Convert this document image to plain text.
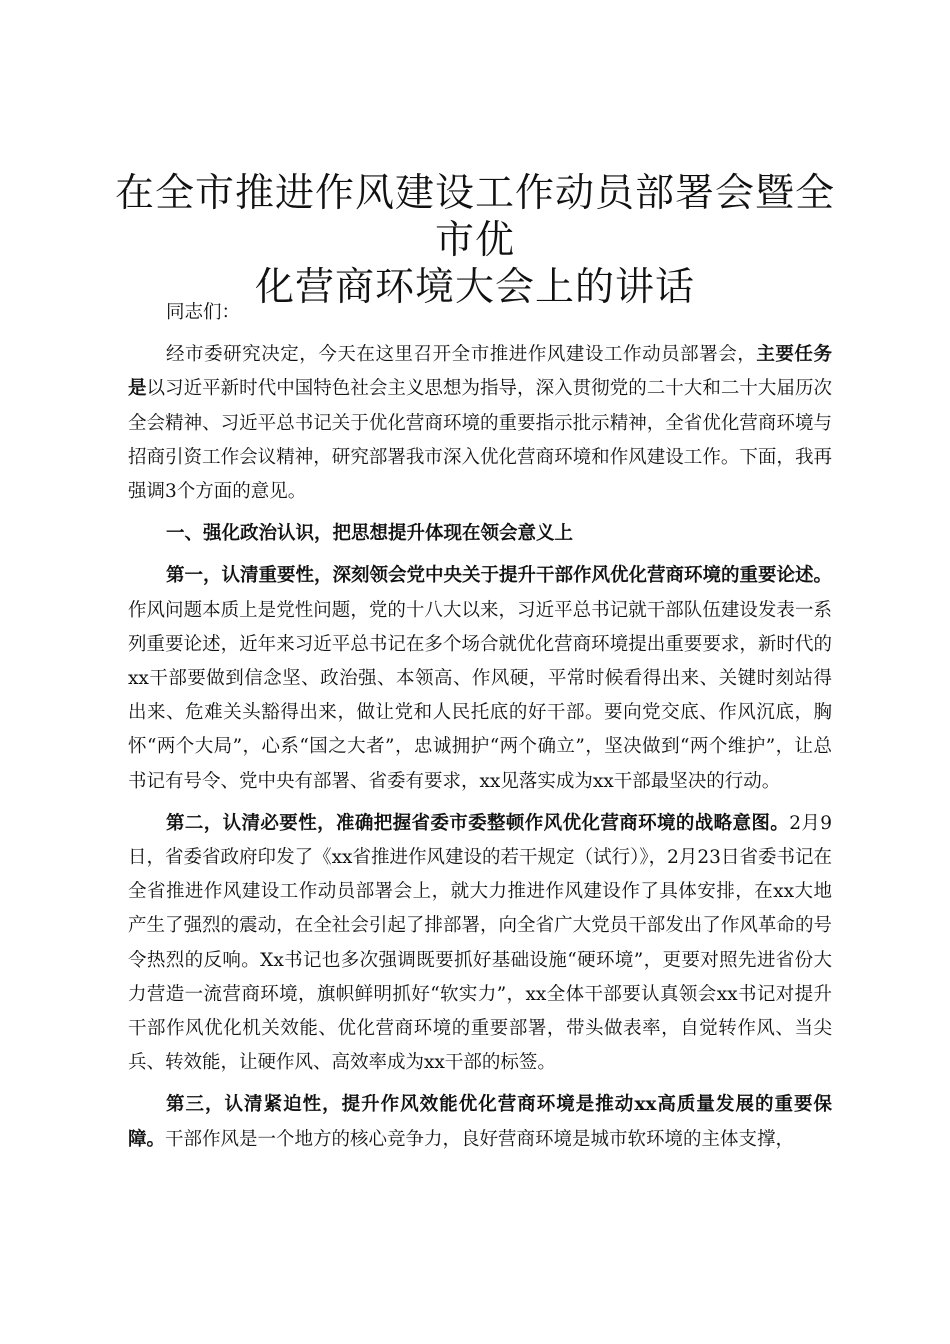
在全市推进作风建设工作动员部署会暨全市优
化营商环境大会上的讲话

同志们：

经市委研究决定，今天在这里召开全市推进作风建设工作动员部署会，主要任务是以习近平新时代中国特色社会主义思想为指导，深入贯彻党的二十大和二十大届历次全会精神、习近平总书记关于优化营商环境的重要指示批示精神，全省优化营商环境与招商引资工作会议精神，研究部署我市深入优化营商环境和作风建设工作。下面，我再强调3个方面的意见。

一、强化政治认识，把思想提升体现在领会意义上

第一，认清重要性，深刻领会党中央关于提升干部作风优化营商环境的重要论述。作风问题本质上是党性问题，党的十八大以来，习近平总书记就干部队伍建设发表一系列重要论述，近年来习近平总书记在多个场合就优化营商环境提出重要要求，新时代的xx干部要做到信念坚、政治强、本领高、作风硬，平常时候看得出来、关键时刻站得出来、危难关头豁得出来，做让党和人民托底的好干部。要向党交底、作风沉底，胸怀“两个大局”，心系“国之大者”，忠诚拥护“两个确立”，坚决做到“两个维护”，让总书记有号令、党中央有部署、省委有要求，xx见落实成为xx干部最坚决的行动。

第二，认清必要性，准确把握省委市委整顿作风优化营商环境的战略意图。2月9日，省委省政府印发了《xx省推进作风建设的若干规定（试行）》，2月23日省委书记在全省推进作风建设工作动员部署会上，就大力推进作风建设作了具体安排，在xx大地产生了强烈的震动，在全社会引起了排部署，向全省广大党员干部发出了作风革命的号令热烈的反响。Xx书记也多次强调既要抓好基础设施“硬环境”，更要对照先进省份大力营造一流营商环境，旗帜鲜明抓好“软实力”，xx全体干部要认真领会xx书记对提升干部作风优化机关效能、优化营商环境的重要部署，带头做表率，自觉转作风、当尖兵、转效能，让硬作风、高效率成为xx干部的标签。

第三，认清紧迫性，提升作风效能优化营商环境是推动xx高质量发展的重要保障。干部作风是一个地方的核心竞争力，良好营商环境是城市软环境的主体支撑，
